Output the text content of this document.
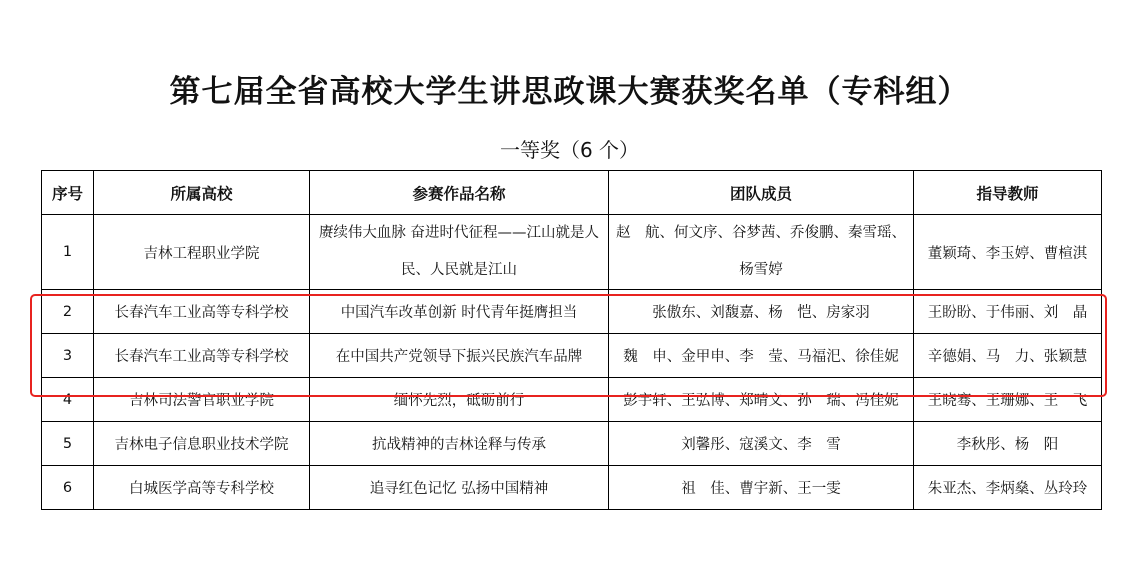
第七届全省高校大学生讲思政课大赛获奖名单（专科组）
一等奖（6 个）
序号	所属高校	参赛作品名称	团队成员	指导教师
1	吉林工程职业学院	赓续伟大血脉 奋进时代征程——江山就是人民、人民就是江山	赵　航、何文序、谷梦茜、乔俊鹏、秦雪瑶、杨雪婷	董颖琦、李玉婷、曹楦淇
2	长春汽车工业高等专科学校	中国汽车改革创新 时代青年挺膺担当	张傲东、刘馥嘉、杨　恺、房家羽	王盼盼、于伟丽、刘　晶
3	长春汽车工业高等专科学校	在中国共产党领导下振兴民族汽车品牌	魏　申、金甲申、李　莹、马福汜、徐佳妮	辛德娟、马　力、张颖慧
4	吉林司法警官职业学院	缅怀先烈，砥砺前行	彭宇轩、王弘博、郑晴文、孙　瑞、冯佳妮	王晓骞、王珊娜、王　飞
5	吉林电子信息职业技术学院	抗战精神的吉林诠释与传承	刘馨彤、寇溪文、李　雪	李秋彤、杨　阳
6	白城医学高等专科学校	追寻红色记忆 弘扬中国精神	祖　佳、曹宇新、王一雯	朱亚杰、李炳燊、丛玲玲
